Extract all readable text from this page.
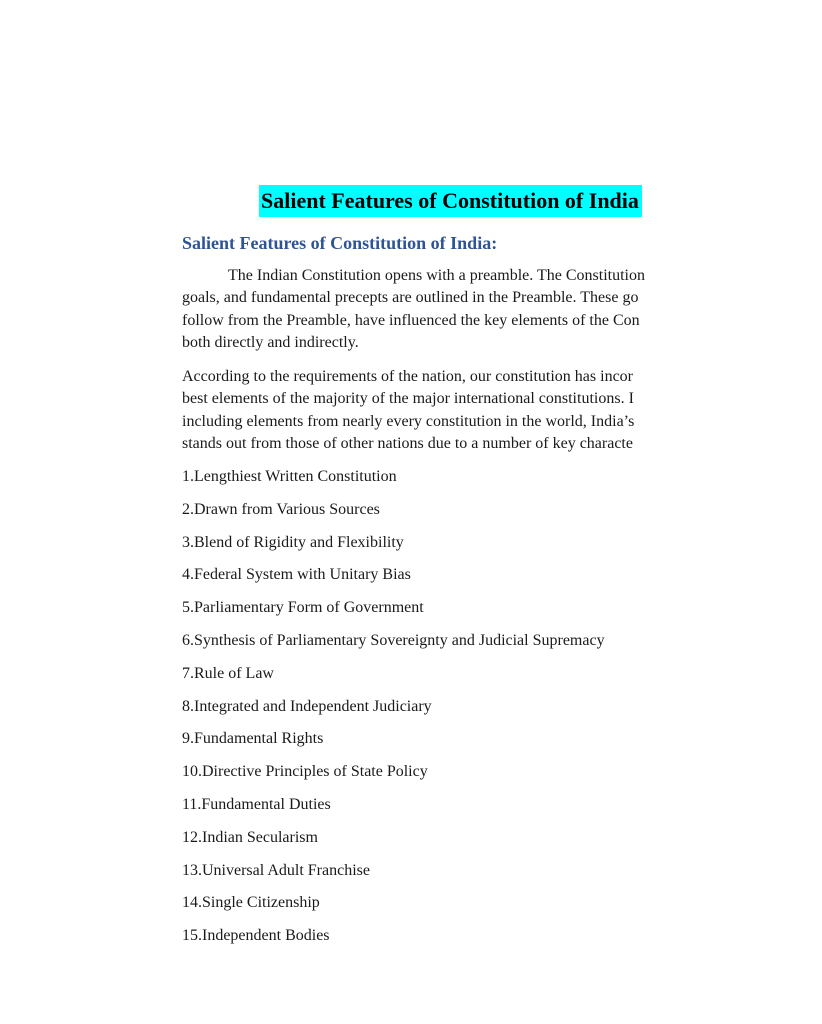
Salient Features of Constitution of India
Salient Features of Constitution of India:

The Indian Constitution opens with a preamble. The Constitution
goals, and fundamental precepts are outlined in the Preamble. These go
follow from the Preamble, have influenced the key elements of the Con
both directly and indirectly.

According to the requirements of the nation, our constitution has incor
best elements of the majority of the major international constitutions. I
including elements from nearly every constitution in the world, India’s
stands out from those of other nations due to a number of key characte

1.Lengthiest Written Constitution
2.Drawn from Various Sources
3.Blend of Rigidity and Flexibility
4.Federal System with Unitary Bias
5.Parliamentary Form of Government
6.Synthesis of Parliamentary Sovereignty and Judicial Supremacy
7.Rule of Law
8.Integrated and Independent Judiciary
9.Fundamental Rights
10.Directive Principles of State Policy
11.Fundamental Duties
12.Indian Secularism
13.Universal Adult Franchise
14.Single Citizenship
15.Independent Bodies
